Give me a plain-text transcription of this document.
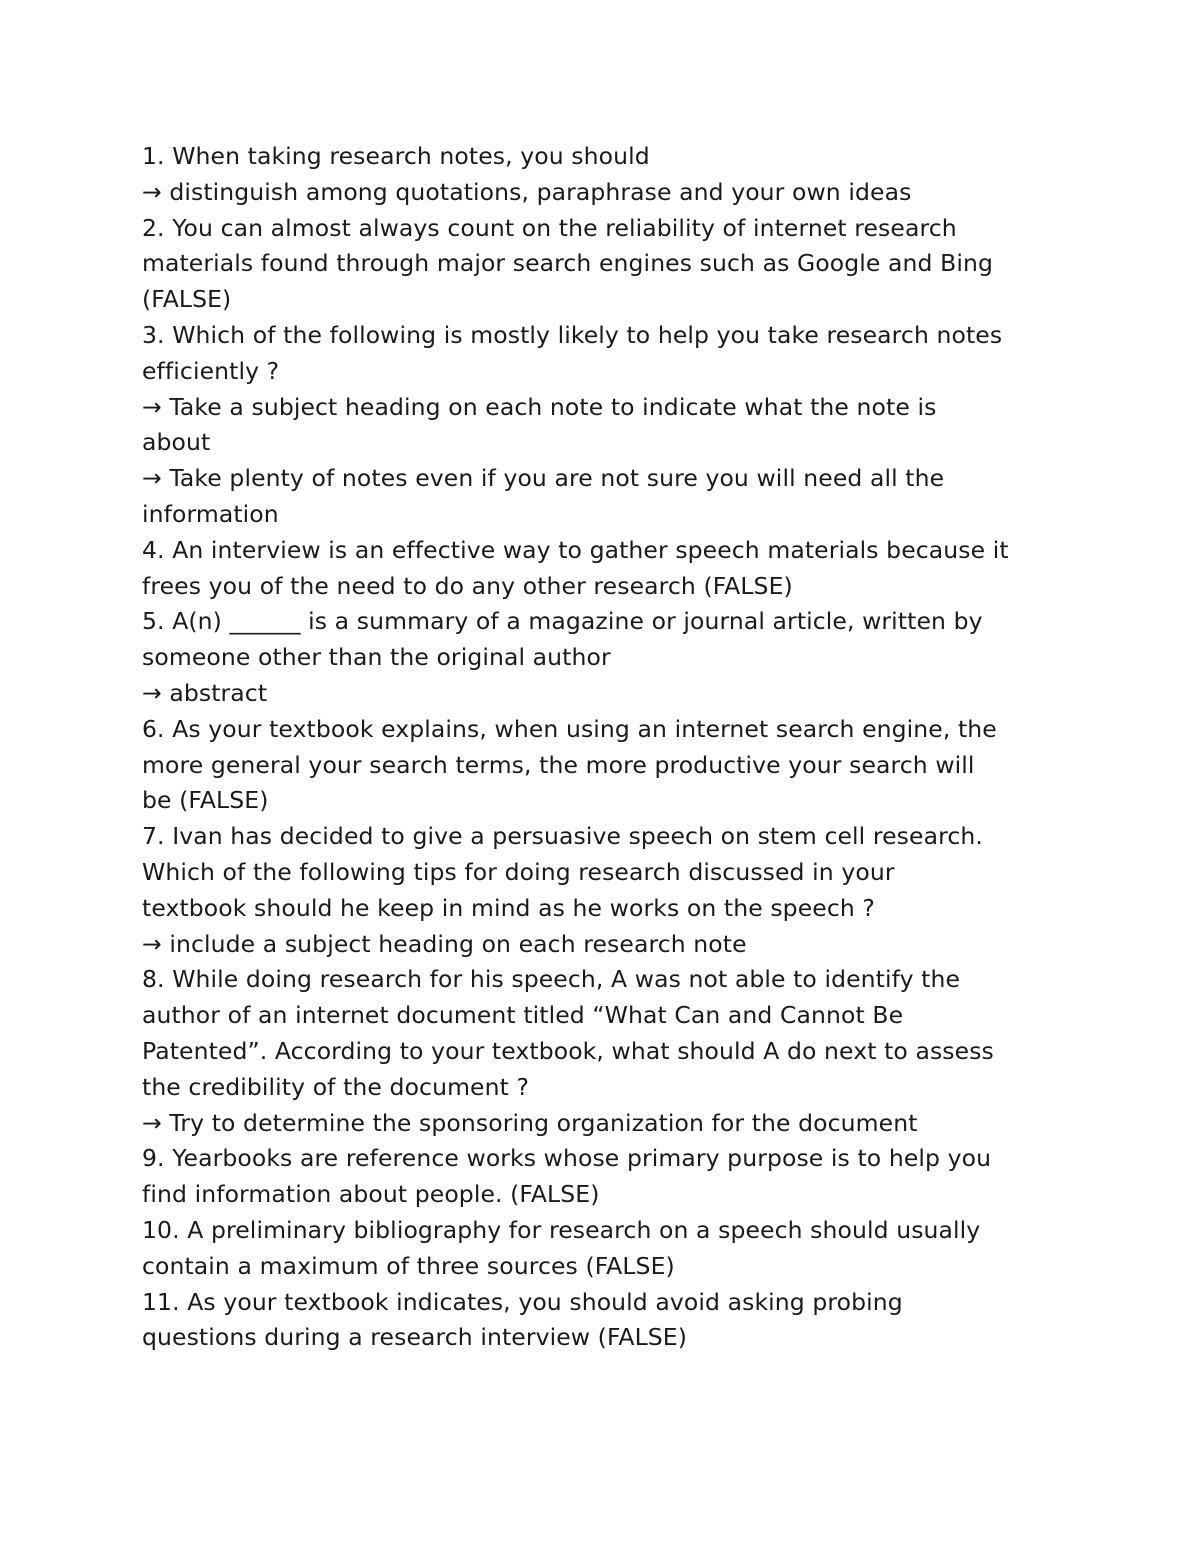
1. When taking research notes, you should
→ distinguish among quotations, paraphrase and your own ideas
2. You can almost always count on the reliability of internet research
materials found through major search engines such as Google and Bing
(FALSE)
3. Which of the following is mostly likely to help you take research notes
efficiently ?
→ Take a subject heading on each note to indicate what the note is
about
→ Take plenty of notes even if you are not sure you will need all the
information
4. An interview is an effective way to gather speech materials because it
frees you of the need to do any other research (FALSE)
5. A(n) ______ is a summary of a magazine or journal article, written by
someone other than the original author
→ abstract
6. As your textbook explains, when using an internet search engine, the
more general your search terms, the more productive your search will
be (FALSE)
7. Ivan has decided to give a persuasive speech on stem cell research.
Which of the following tips for doing research discussed in your
textbook should he keep in mind as he works on the speech ?
→ include a subject heading on each research note
8. While doing research for his speech, A was not able to identify the
author of an internet document titled “What Can and Cannot Be
Patented”. According to your textbook, what should A do next to assess
the credibility of the document ?
→ Try to determine the sponsoring organization for the document
9. Yearbooks are reference works whose primary purpose is to help you
find information about people. (FALSE)
10. A preliminary bibliography for research on a speech should usually
contain a maximum of three sources (FALSE)
11. As your textbook indicates, you should avoid asking probing
questions during a research interview (FALSE)
